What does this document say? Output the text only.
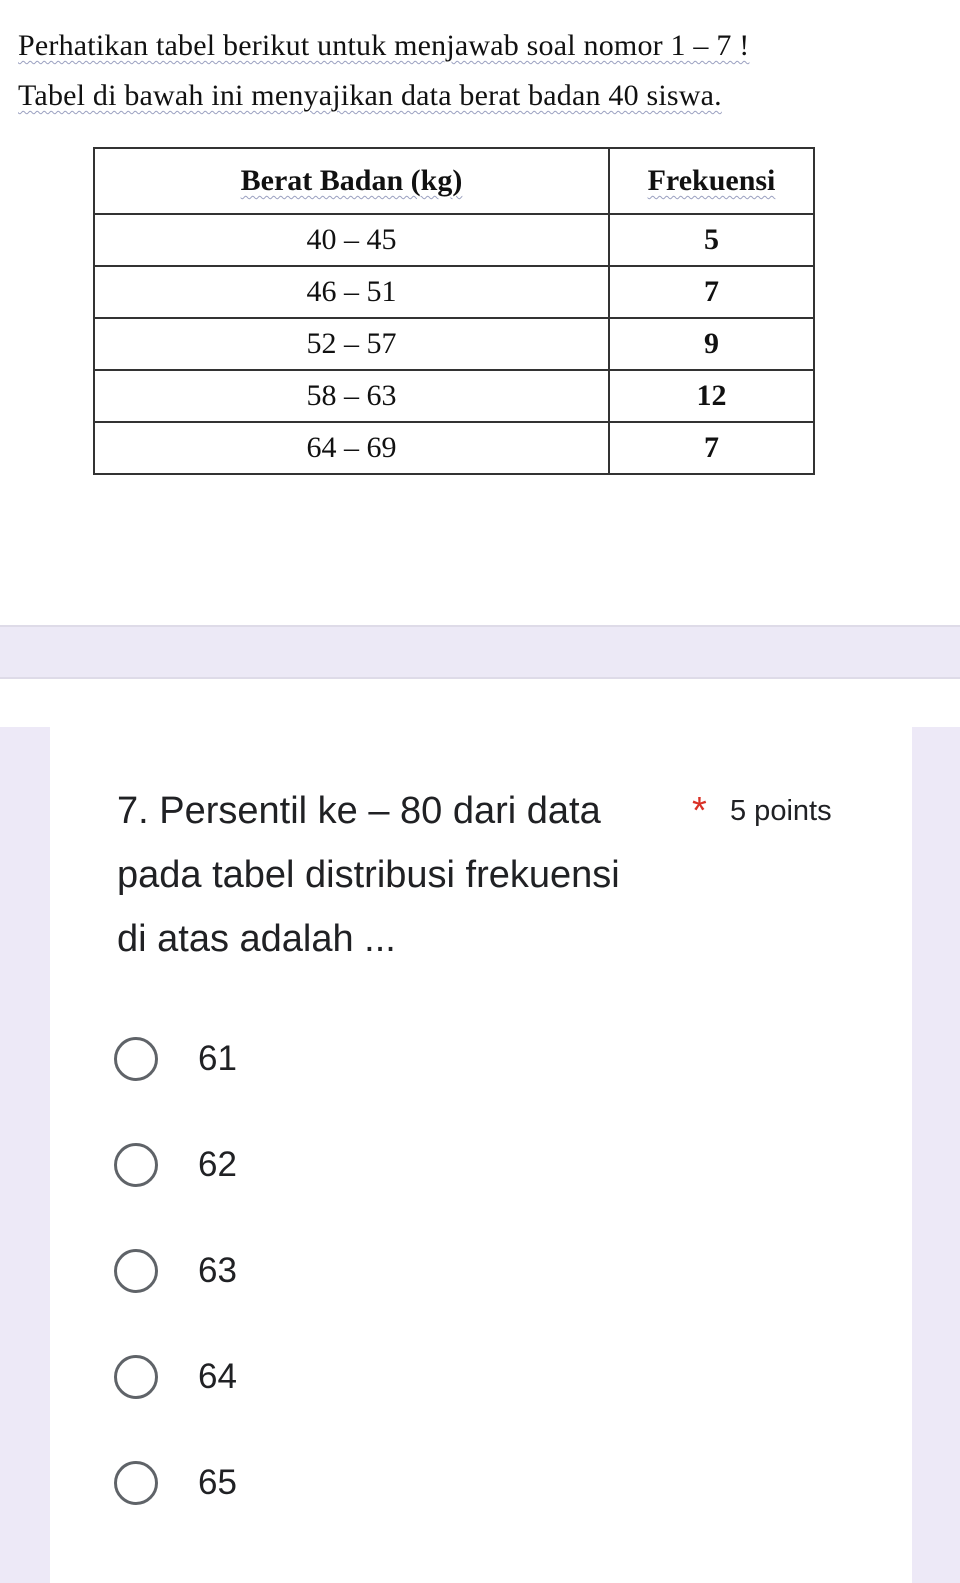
Perhatikan tabel berikut untuk menjawab soal nomor 1 – 7 !
Tabel di bawah ini menyajikan data berat badan 40 siswa.
Berat Badan (kg)	Frekuensi
40 – 45	5
46 – 51	7
52 – 57	9
58 – 63	12
64 – 69	7
7. Persentil ke – 80 dari data pada tabel distribusi frekuensi di atas adalah ...
* 5 points
61
62
63
64
65
